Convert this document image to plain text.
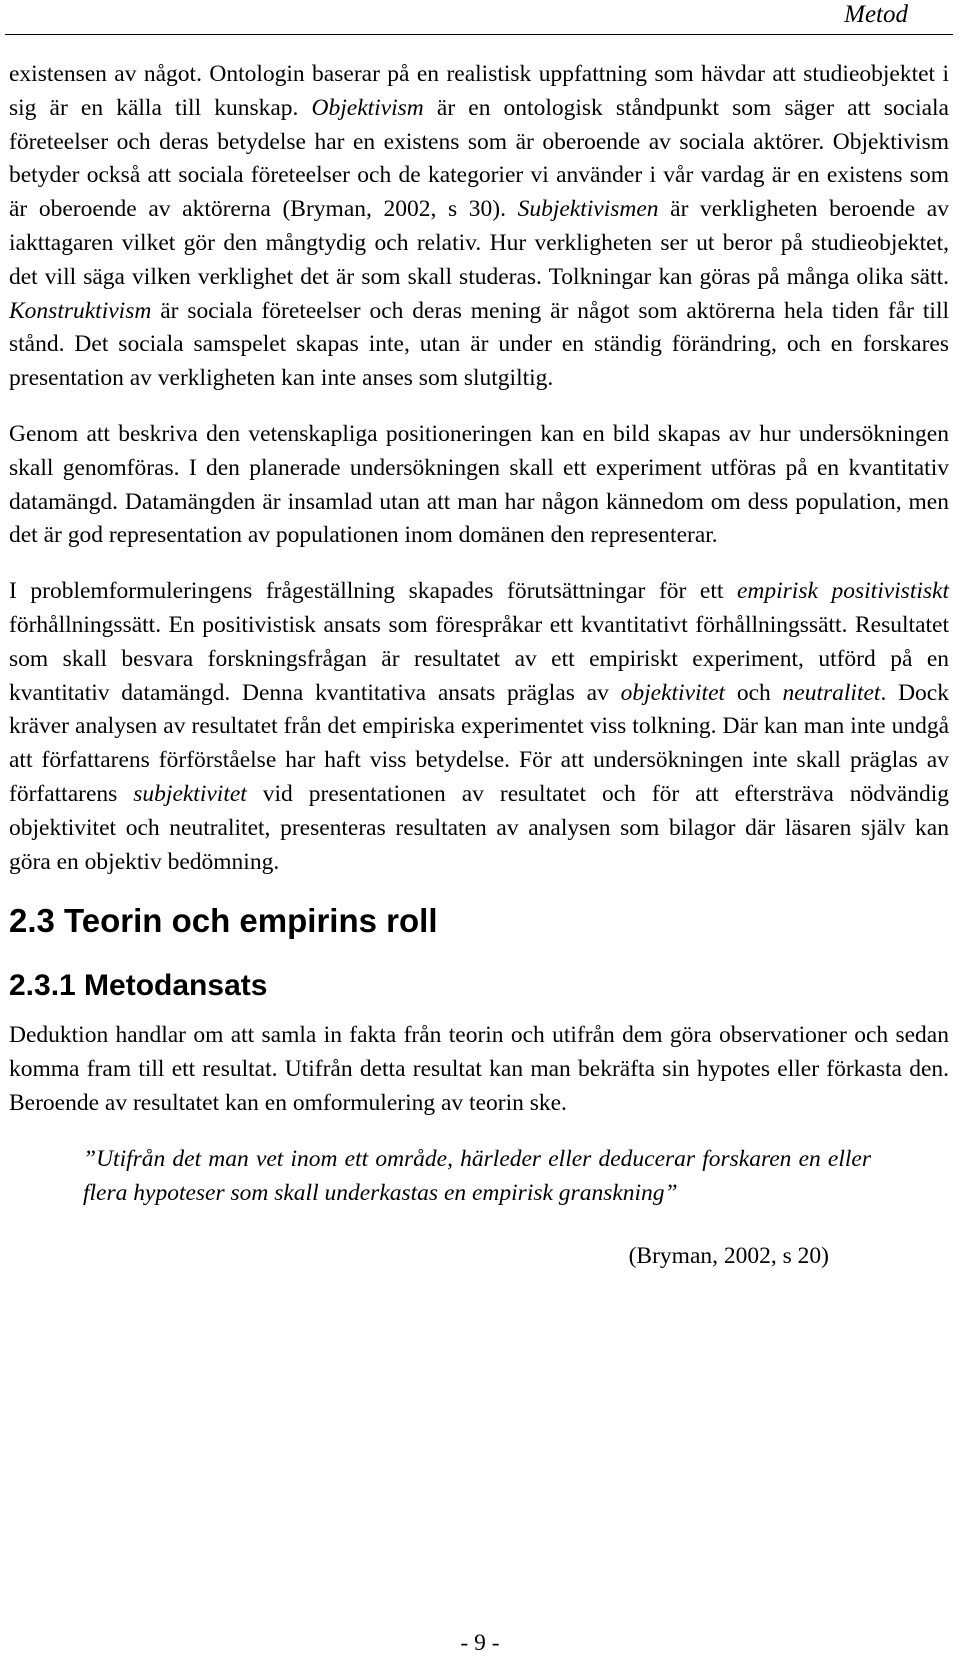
Metod

existensen av något. Ontologin baserar på en realistisk uppfattning som hävdar att studieobjektet i sig är en källa till kunskap. Objektivism är en ontologisk ståndpunkt som säger att sociala företeelser och deras betydelse har en existens som är oberoende av sociala aktörer. Objektivism betyder också att sociala företeelser och de kategorier vi använder i vår vardag är en existens som är oberoende av aktörerna (Bryman, 2002, s 30). Subjektivismen är verkligheten beroende av iakttagaren vilket gör den mångtydig och relativ. Hur verkligheten ser ut beror på studieobjektet, det vill säga vilken verklighet det är som skall studeras. Tolkningar kan göras på många olika sätt. Konstruktivism är sociala företeelser och deras mening är något som aktörerna hela tiden får till stånd. Det sociala samspelet skapas inte, utan är under en ständig förändring, och en forskares presentation av verkligheten kan inte anses som slutgiltig.

Genom att beskriva den vetenskapliga positioneringen kan en bild skapas av hur undersökningen skall genomföras. I den planerade undersökningen skall ett experiment utföras på en kvantitativ datamängd. Datamängden är insamlad utan att man har någon kännedom om dess population, men det är god representation av populationen inom domänen den representerar.

I problemformuleringens frågeställning skapades förutsättningar för ett empirisk positivistiskt förhållningssätt. En positivistisk ansats som förespråkar ett kvantitativt förhållningssätt. Resultatet som skall besvara forskningsfrågan är resultatet av ett empiriskt experiment, utförd på en kvantitativ datamängd. Denna kvantitativa ansats präglas av objektivitet och neutralitet. Dock kräver analysen av resultatet från det empiriska experimentet viss tolkning. Där kan man inte undgå att författarens förförståelse har haft viss betydelse. För att undersökningen inte skall präglas av författarens subjektivitet vid presentationen av resultatet och för att eftersträva nödvändig objektivitet och neutralitet, presenteras resultaten av analysen som bilagor där läsaren själv kan göra en objektiv bedömning.

2.3 Teorin och empirins roll
2.3.1 Metodansats

Deduktion handlar om att samla in fakta från teorin och utifrån dem göra observationer och sedan komma fram till ett resultat. Utifrån detta resultat kan man bekräfta sin hypotes eller förkasta den. Beroende av resultatet kan en omformulering av teorin ske.

”Utifrån det man vet inom ett område, härleder eller deducerar forskaren en eller flera hypoteser som skall underkastas en empirisk granskning”
(Bryman, 2002, s 20)
- 9 -
